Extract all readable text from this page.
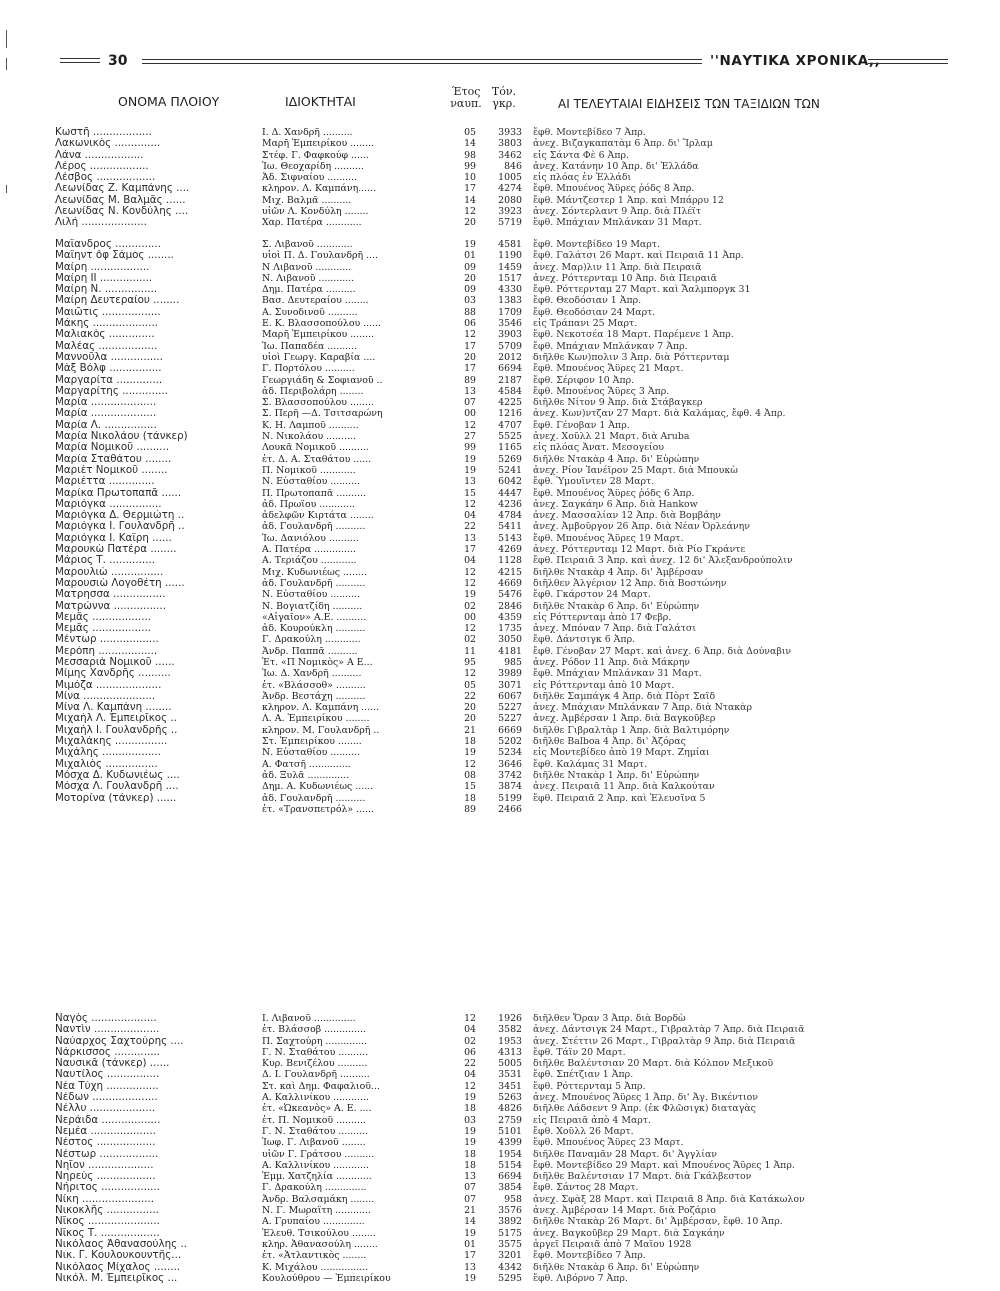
30	''ΝΑΥΤΙΚΑ ΧΡΟΝΙΚΑ,,
ΟΝΟΜΑ ΠΛΟΙΟΥ	ΙΔΙΟΚΤΗΤΑΙ
Έτος
ναυπ.
Τόν.
γκρ.	ΑΙ ΤΕΛΕΥΤΑΙΑΙ ΕΙΔΗΣΕΙΣ ΤΩΝ ΤΑΞΙΔΙΩΝ ΤΩΝ
Κωστῆ ..................	Ι. Δ. Χανδρῆ ..........	05	3933 ἔφθ. Μοντεβίδεο 7 Ἀπρ.
Λακωνικὸς ..............	Μαρῆ Ἐμπειρίκου ........	14	3803 ἀνεχ. Βιζαγκαπατὰμ 6 Ἀπρ. δι' Ἴρλαμ
Λάνα ..................	Στέφ. Γ. Φαφκούφ ......	98	3462 εἰς Σάντα Φὲ 6 Ἀπρ.
Λέρος ..................	Ἰω. Θεοχαρίδη ..........	99	846 ἀνεχ. Κατάνην 10 Ἀπρ. δι' Ἑλλάδα
Λέσβος ..................	Ἀδ. Σιφναίου ..........	10	1005 εἰς πλόας ἐν Ἑλλάδι
Λεωνίδας Ζ. Καμπάνης ....	κληρον. Λ. Καμπάνη......	17	4274 ἔφθ. Μπουένος Ἄϋρες ῥόδς 8 Ἀπρ.
Λεωνίδας Μ. Βαλμᾶς ......	Μιχ. Βαλμᾶ ..........	14	2080 ἔφθ. Μάντζεστερ 1 Ἀπρ. καὶ Μπάρρυ 12
Λεωνίδας Ν. Κονδύλης ....	υἱῶν Λ. Κονδύλη ........	12	3923 ἀνεχ. Σόντερλαντ 9 Ἀπρ. διὰ Πλέϊτ
Λιλή ....................	Χαρ. Πατέρα ............	20	5719 ἔφθ. Μπάχιαν Μπλάνκαν 31 Μαρτ.
Μαΐανδρος ..............	Σ. Λιβανοῦ ............	19	4581 ἔφθ. Μοντεβίδεο 19 Μαρτ.
Μαΐηντ ὄφ Σάμος ........	υἱοὶ Π. Δ. Γουλανδρῆ ....	01	1190 ἔφθ. Γαλάτσι 26 Μαρτ. καὶ Πειραιᾶ 11 Ἀπρ.
Μαίρη ..................	Ν Λιβανοῦ ............	09	1459 ἀνεχ. Μαρ)λιν 11 Ἀπρ. διὰ Πειραιᾶ
Μαίρη ΙΙ ................	Ν. Λιβανοῦ ............	20	1517 ἀνεχ. Ρόττερνταμ 10 Ἀπρ. διὰ Πειραιᾶ
Μαίρη Ν. ................	Δημ. Πατέρα ..........	09	4330 ἔφθ. Ρόττερνταμ 27 Μαρτ. καὶ Ἄαλμποργκ 31
Μαίρη Δευτεραίου ........	Βασ. Δευτεραίου ........	03	1383 ἔφθ. Θεοδόσιαν 1 Ἀπρ.
Μαιῶτις ..................	Α. Συνοδινοῦ ..........	88	1709 ἔφθ. Θεοδόσιαν 24 Μαρτ.
Μάκης ....................	Ε. Κ. Βλασσοπούλου ......	06	3546 εἰς Τράπανι 25 Μαρτ.
Μαλιακὸς ..............	Μαρῆ Ἐμπειρίκου ........	12	3903 ἔφθ. Νεκοτσέα 18 Μαρτ. Παρέμενε 1 Ἀπρ.
Μαλέας ..................	Ἰω. Παπαδέα ..........	17	5709 ἔφθ. Μπάχιαν Μπλάνκαν 7 Ἀπρ.
Μαννοῦλα ................	υἱοὶ Γεωργ. Καραβία ....	20	2012 διῆλθε Κων)πολιν 3 Ἀπρ. διὰ Ρόττερνταμ
Μὰξ Βόλφ ................	Γ. Πορτόλου ..........	17	6694 ἔφθ. Μπουένος Ἄϋρες 21 Μαρτ.
Μαργαρίτα ..............	Γεωργιάδη & Σοφιανοῦ ..	89	2187 ἔφθ. Σέριφον 10 Ἀπρ.
Μαργαρίτης ..............	ἀδ. Περιβολάρη ........	13	4584 ἔφθ. Μπουένος Ἄϋρες 3 Ἀπρ.
Μαρία ....................	Σ. Βλασσοπούλου ........	07	4225 διῆλθε Νίτον 9 Ἀπρ. διὰ Στάβαγκερ
Μαρία ....................	Σ. Περῆ —Δ. Τσιτσαρώνη	00	1216 ἀνεχ. Κων)ντζαν 27 Μαρτ. διὰ Καλάμας, ἔφθ. 4 Ἀπρ.
Μαρία Λ. ................	Κ. Η. Λαμποῦ ..........	12	4707 ἔφθ. Γένοβαν 1 Ἀπρ.
Μαρία Νικολάου (τάνκερ)	Ν. Νικολάου ..........	27	5525 ἀνεχ. Χοῦλλ 21 Μαρτ. διὰ Aruba
Μαρία Νομικοῦ ..........	Λουκᾶ Νομικοῦ ..........	99	1165 εἰς πλόας Ἀνατ. Μεσογείου
Μαρία Σταθάτου ........	ἐτ. Δ. Α. Σταθάτου ......	19	5269 διῆλθε Ντακὰρ 4 Ἀπρ. δι' Εὐρώπην
Μαριὲτ Νομικοῦ ........	Π. Νομικοῦ ............	19	5241 ἀνεχ. Ρίον Ἰανέϊρον 25 Μαρτ. διὰ Μπουκὼ
Μαριέττα ..............	Ν. Εὐσταθίου ..........	13	6042 ἔφθ. Ὑμουΐντεν 28 Μαρτ.
Μαρίκα Πρωτοπαπᾶ ......	Π. Πρωτοπαπᾶ ..........	15	4447 ἔφθ. Μπουένος Ἄϋρες ῥόδς 6 Ἀπρ.
Μαριόγκα ................	ἀδ. Πρωΐου ............	12	4236 ἀνεχ. Σαγκάην 6 Ἀπρ. διὰ Hankow
Μαριόγκα Δ. Θερμιώτη ..	ἀδελφῶν Κιρτάτα ........	04	4784 ἀνεχ. Μασσαλίαν 12 Ἀπρ. διὰ Βομβάην
Μαριόγκα Ι. Γουλανδρῆ ..	ἀδ. Γουλανδρῆ ..........	22	5411 ἀνεχ. Ἀμβοῦργον 26 Ἀπρ. διὰ Νέαν Ὀρλεάνην
Μαριόγκα Ι. Καΐρη ......	Ἰω. Δανιόλου ..........	13	5143 ἔφθ. Μπουένος Ἄϋρες 19 Μαρτ.
Μαρουκὼ Πατέρα ........	Α. Πατέρα ..............	17	4269 ἀνεχ. Ρόττερνταμ 12 Μαρτ. διὰ Ρίο Γκράντε
Μάριος Τ. ..............	Α. Τεριάζου ............	04	1128 ἔφθ. Πειραιᾶ 3 Ἀπρ. καὶ ἀνεχ. 12 δι' Ἀλεξανδρούπολιν
Μαρουλιὼ ................	Μιχ. Κυδωνιέως ........	12	4215 διῆλθε Ντακὰρ 4 Ἀπρ. δι' Ἀμβέρσαν
Μαρουσιὼ Λογοθέτη ......	ἀδ. Γουλανδρῆ ..........	12	4669 διῆλθεν Ἀλγέριον 12 Ἀπρ. διὰ Βοστώνην
Ματρησσα ................	Ν. Εὐσταθίου ..........	19	5476 ἔφθ. Γκάρστον 24 Μαρτ.
Ματρώννα ................	Ν. Βογιατζίδη ..........	02	2846 διῆλθε Ντακὰρ 6 Ἀπρ. δι' Εὐρώπην
Μεμᾶς ..................	«Αἰγαῖον» Α.Ε. ..........	00	4359 εἰς Ρόττερνταμ ἀπὸ 17 Φεβρ.
Μεμᾶς ..................	ἀδ. Κουρούκλη ..........	12	1735 ἀνεχ. Μπόναν 7 Ἀπρ. διὰ Γαλάτσι
Μέντωρ ..................	Γ. Δρακούλη ............	02	3050 ἔφθ. Δάντσιγκ 6 Ἀπρ.
Μερόπη ..................	Ἀνδρ. Παππᾶ ..........	11	4181 ἔφθ. Γένοβαν 27 Μαρτ. καὶ ἀνεχ. 6 Ἀπρ. διὰ Δούναβιν
Μεσσαριὰ Νομικοῦ ......	Ἑτ. «Π Νομικὸς» Α Ε...	95	985 ἀνεχ. Ρόδον 11 Ἀπρ. διὰ Μάκρην
Μίμης Χανδρῆς ..........	Ἰω. Δ. Χανδρῆ ..........	12	3989 ἔφθ. Μπάχιαν Μπλάνκαν 31 Μαρτ.
Μιμόζα ....................	ἐτ. «Βλάσσοθ» ..........	05	3071 εἰς Ρόττερνταμ ἀπὸ 10 Μαρτ.
Μίνα ......................	Ἀνδρ. Βεστάχη ..........	22	6067 διῆλθε Σαμπάγκ 4 Ἀπρ. διὰ Πὸρτ Σαΐδ
Μίνα Λ. Καμπάνη ........	κληρον. Λ. Καμπάνη ......	20	5227 ἀνεχ. Μπάχιαν Μπλάνκαν 7 Ἀπρ. διὰ Ντακὰρ
Μιχαὴλ Λ. Ἐμπειρῖκος ..	Λ. Α. Ἐμπειρίκου ........	20	5227 ἀνεχ. Ἀμβέρσαν 1 Ἀπρ. διὰ Βαγκοῦβερ
Μιχαὴλ Ι. Γουλανδρῆς ..	κληρον. Μ. Γουλανδρῆ ..	21	6669 διῆλθε Γιβραλτὰρ 1 Ἀπρ. διὰ Βαλτιμόρην
Μιχαλάκης ................	Στ. Ἐμπειρίκου ........	18	5202 διῆλθε Balboa 4 Ἀπρ. δι' Ἀζόρας
Μιχάλης ..................	Ν. Εὐσταθίου ..........	19	5234 εἰς Μοντεβίδεο ἀπὸ 19 Μαρτ. Ζημίαι
Μιχαλιὸς ................	Α. Φατσῆ ..............	12	3646 ἔφθ. Καλάμας 31 Μαρτ.
Μόσχα Δ. Κυδωνιέως ....	ἀδ. Ξυλᾶ ..............	08	3742 διῆλθε Ντακὰρ 1 Ἀπρ. δι' Εὐρώπην
Μόσχα Λ. Γουλανδρῆ ....	Δημ. Α. Κυδωνιέως ......	15	3874 ἀνεχ. Πειραιᾶ 11 Ἀπρ. διὰ Καλκούταν
Μοτορίνα (τάνκερ) ......	ἀδ. Γουλανδρῆ ..........	18	5199 ἔφθ. Πειραιᾶ 2 Ἀπρ. καὶ Ἐλευσῖνα 5
ἐτ. «Τρανσπετρόλ» ......	89	2466
Ναγὸς ....................	Ι. Λιβανοῦ ..............	12	1926 διῆλθεν Ὄραν 3 Ἀπρ. διὰ Βορδὼ
Ναντὶν ....................	ἐτ. Βλάσσοβ ..............	04	3582 ἀνεχ. Δάντσιγκ 24 Μαρτ., Γιβραλτὰρ 7 Ἀπρ. διὰ Πειραιᾶ
Ναύαρχος Σαχτούρης ....	Π. Σαχτούρη ..............	02	1953 ἀνεχ. Στέττιν 26 Μαρτ., Γιβραλτὰρ 9 Ἀπρ. διὰ Πειραιᾶ
Νάρκισσος ..............	Γ. Ν. Σταθάτου ..........	06	4313 ἔφθ. Τάϊν 20 Μαρτ.
Ναυσικᾶ (τάνκερ) ......	Κυρ. Βενιζέλου ..........	22	5005 διῆλθε Βαλέντσιαν 20 Μαρτ. διὰ Κόλπον Μεξικοῦ
Ναυτίλος ................	Δ. Ι. Γουλανδρῆ ..........	04	3531 ἔφθ. Σπέτζιαν 1 Ἀπρ.
Νέα Τύχη ................	Στ. καὶ Δημ. Φαφαλιοῦ...	12	3451 ἔφθ. Ρόττερνταμ 5 Ἀπρ.
Νέδων ....................	Α. Καλλινίκου ............	19	5263 ἀνεχ. Μπουένος Ἄϋρες 1 Ἀπρ. δι' Ἀγ. Βικέντιον
Νέλλυ ....................	ἐτ. «Ὠκεανὸς» Α. Ε. ....	18	4826 διῆλθε Λάδσεντ 9 Ἀπρ. (ἐκ Φλῶσιγκ) διαταγὰς
Νεράιδα ..................	ἐτ. Π. Νομικοῦ ..........	03	2759 εἰς Πειραιᾶ ἀπὸ 4 Μαρτ.
Νεμέα ....................	Γ. Ν. Σταθάτου ..........	19	5101 ἔφθ. Χοῦλλ 26 Μαρτ.
Νέστος ..................	Ἰωφ. Γ. Λιβανοῦ ........	19	4399 ἔφθ. Μπουένος Ἄϋρες 23 Μαρτ.
Νέστωρ ..................	υἱῶν Γ. Γράτσου ..........	18	1954 διῆλθε Παναμᾶν 28 Μαρτ. δι' Ἀγγλίαν
Νηῖον ....................	Α. Καλλινίκου ............	18	5154 ἔφθ. Μοντεβίδεο 29 Μαρτ. καὶ Μπουένος Ἄϋρες 1 Ἀπρ.
Νηρεὺς ..................	Ἐμμ. Χατζηλία ............	13	6694 διῆλθε Βαλέντσιαν 17 Μαρτ. διὰ Γκάλβεστον
Νήριτος ..................	Γ. Δρακούλη ..............	07	3854 ἔφθ. Σάντος 28 Μαρτ.
Νίκη ......................	Ἀνδρ. Βαλσαμάκη ........	07	958 ἀνεχ. Σφὰξ 28 Μαρτ. καὶ Πειραιᾶ 8 Ἀπρ. διὰ Κατάκωλον
Νικοκλῆς ................	Ν. Γ. Μωραΐτη ............	21	3576 ἀνεχ. Ἀμβέρσαν 14 Μαρτ. διὰ Ροζάριο
Νῖκος ......................	Α. Γρυπαίου ..............	14	3892 διῆλθε Ντακὰρ 26 Μαρτ. δι' Ἀμβέρσαν, ἔφθ. 10 Ἀπρ.
Νῖκος Τ. ..................	Ἐλευθ. Τσικούλου ........	19	5175 ἀνεχ. Βαγκοῦβερ 29 Μαρτ. διὰ Σαγκάην
Νικόλαος Ἀθανασούλης ..	κληρ. Ἀθανασούλη ........	01	3575 ἀργεῖ Πειραιᾶ ἀπὸ 7 Μαΐου 1928
Νικ. Γ. Κουλουκουντῆς...	ἐτ. «Ἀτλαντικὸς ........	17	3201 ἔφθ. Μοντεβίδεο 7 Ἀπρ.
Νικόλαος Μίχαλος ........	Κ. Μιχάλου ................	13	4342 διῆλθε Ντακὰρ 6 Ἀπρ. δι' Εὐρώπην
Νικόλ. Μ. Ἐμπειρῖκος ...	Κουλούθρου — Ἐμπειρίκου	19	5295 ἔφθ. Λιβόρνο 7 Ἀπρ.
